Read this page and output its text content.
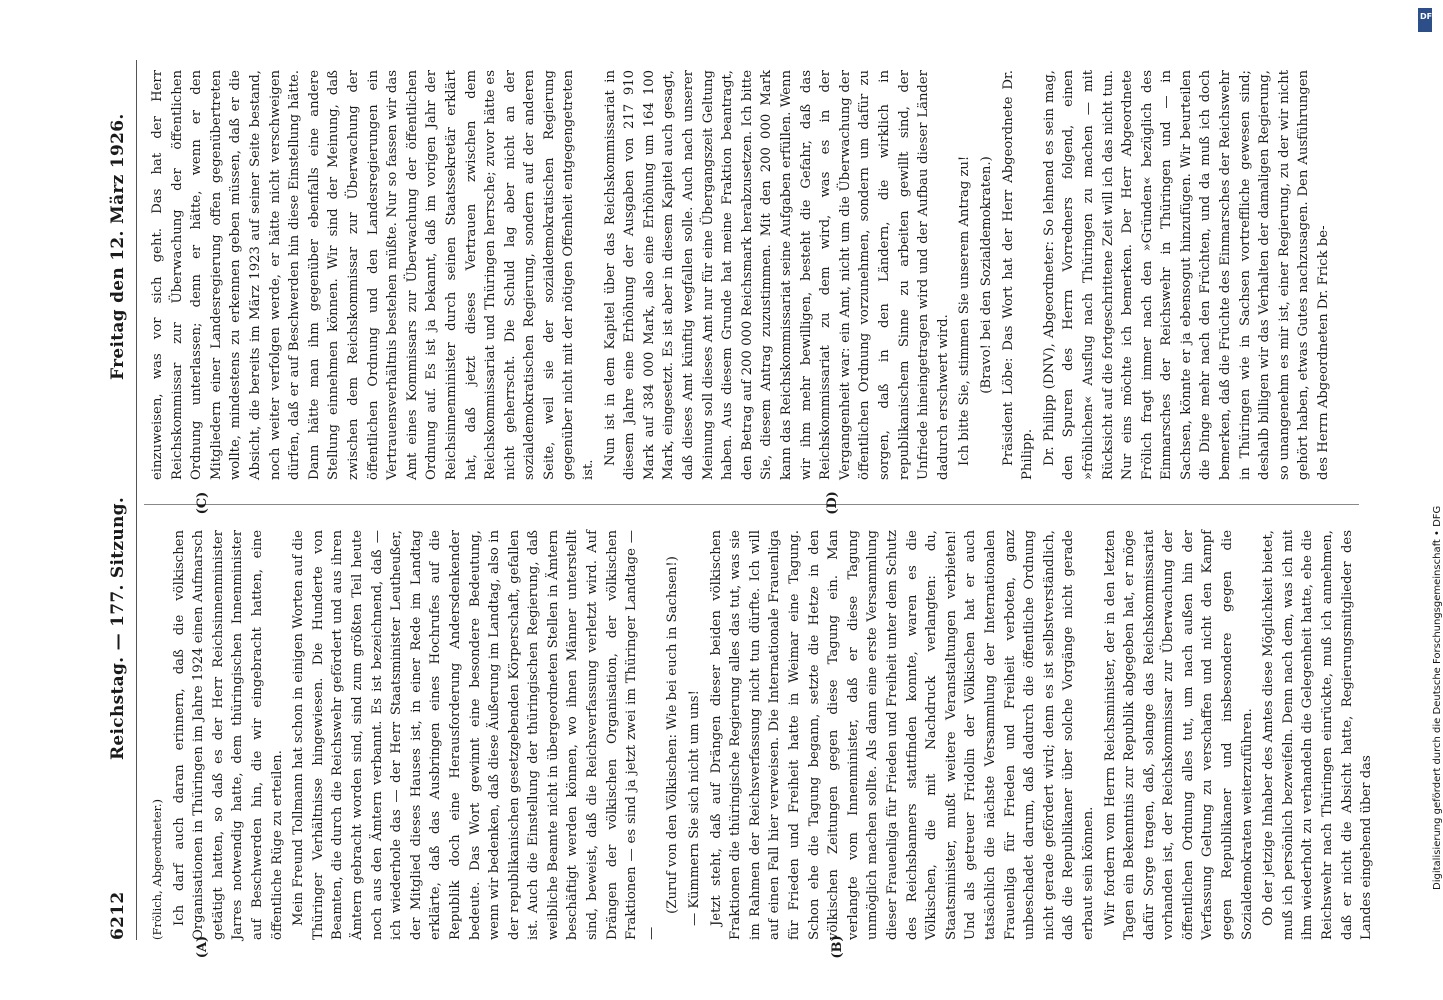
6212
Reichstag. — 177. Sitzung.
Freitag den 12. März 1926.

(Frölich, Abgeordneter.) Ich darf auch daran erinnern, daß die völkischen Organisationen in Thüringen im Jahre 1924 einen Aufmarsch getätigt hatten, so daß es der Herr Reichsinnenminister Jarres notwendig hatte, dem thüringischen Innenminister auf Beschwerden hin, die wir eingebracht hatten, eine öffentliche Rüge zu erteilen. Mein Freund Tollmann hat schon in einigen Worten auf die Thüringer Verhältnisse hingewiesen. Die Hunderte von Beamten, die durch die Reichswehr gefördert und aus ihren Ämtern gebracht worden sind, sind zum größten Teil heute noch aus den Ämtern verbannt. Es ist bezeichnend, daß — ich wiederhole das — der Herr Staatsminister Leutheußer, der Mitglied dieses Hauses ist, in einer Rede im Landtag erklärte, daß das Ausbringen eines Hochrufes auf die Republik doch eine Herausforderung Andersdenkender bedeute. Das Wort gewinnt eine besondere Bedeutung, wenn wir bedenken, daß diese Äußerung im Landtag, also in der republikanischen gesetzgebenden Körperschaft, gefallen ist. Auch die Einstellung der thüringischen Regierung, daß weibliche Beamte nicht in übergeordneten Stellen in Ämtern beschäftigt werden können, wo ihnen Männer unterstellt sind, beweist, daß die Reichsverfassung verletzt wird. Auf Drängen der völkischen Organisation, der völkischen Fraktionen — es sind ja jetzt zwei im Thüringer Landtage — —

(Zuruf von den Völkischen: Wie bei euch in Sachsen!) — Kümmern Sie sich nicht um uns! Jetzt steht, daß auf Drängen dieser beiden völkischen Fraktionen die thüringische Regierung alles das tut, was sie im Rahmen der Reichsverfassung nicht tun dürfte. Ich will auf einen Fall hier verweisen. Die Internationale Frauenliga für Frieden und Freiheit hatte in Weimar eine Tagung. Schon ehe die Tagung begann, setzte die Hetze in den völkischen Zeitungen gegen diese Tagung ein. Man verlangte vom Innenminister, daß er diese Tagung unmöglich machen sollte. Als dann eine erste Versammlung dieser Frauenliga für Frieden und Freiheit unter dem Schutz des Reichsbanners stattfinden konnte, waren es die Völkischen, die mit Nachdruck verlangten: du, Staatsminister, mußt weitere Veranstaltungen verbieten! Und als getreuer Fridolin der Völkischen hat er auch tatsächlich die nächste Versammlung der Internationalen Frauenliga für Frieden und Freiheit verboten, ganz unbeschadet darum, daß dadurch die öffentliche Ordnung nicht gerade gefördert wird; denn es ist selbstverständlich, daß die Republikaner über solche Vorgänge nicht gerade erbaut sein können. Wir fordern vom Herrn Reichsminister, der in den letzten Tagen ein Bekenntnis zur Republik abgegeben hat, er möge dafür Sorge tragen, daß, solange das Reichskommissariat vorhanden ist, der Reichskommissar zur Überwachung der öffentlichen Ordnung alles tut, um nach außen hin der Verfassung Geltung zu verschaffen und nicht den Kampf gegen Republikaner und insbesondere gegen die Sozialdemokraten weiterzuführen. Ob der jetzige Inhaber des Amtes diese Möglichkeit bietet, muß ich persönlich bezweifeln. Denn nach dem, was ich mit ihm wiederholt zu verhandeln die Gelegenheit hatte, ehe die Reichswehr nach Thüringen einrückte, muß ich annehmen, daß er nicht die Absicht hatte, Regierungsmitglieder des Landes eingehend über das

einzuweisen, was vor sich geht. Das hat der Herr Reichskommissar zur Überwachung der öffentlichen Ordnung unterlassen; denn er hätte, wenn er den Mitgliedern einer Landesregierung offen gegenübertreten wollte, mindestens zu erkennen geben müssen, daß er die Absicht, die bereits im März 1923 auf seiner Seite bestand, noch weiter verfolgen werde, er hätte nicht verschweigen dürfen, daß er auf Beschwerden hin diese Einstellung hätte. Dann hätte man ihm gegenüber ebenfalls eine andere Stellung einnehmen können. Wir sind der Meinung, daß zwischen dem Reichskommissar zur Überwachung der öffentlichen Ordnung und den Landesregierungen ein Vertrauensverhältnis bestehen müßte. Nur so fassen wir das Amt eines Kommissars zur Überwachung der öffentlichen Ordnung auf. Es ist ja bekannt, daß im vorigen Jahr der Reichsinnenminister durch seinen Staatssekretär erklärt hat, daß jetzt dieses Vertrauen zwischen dem Reichskommissariat und Thüringen herrsche; zuvor hätte es nicht geherrscht. Die Schuld lag aber nicht an der sozialdemokratischen Regierung, sondern auf der anderen Seite, weil sie der sozialdemokratischen Regierung gegenüber nicht mit der nötigen Offenheit entgegengetreten ist.

Nun ist in dem Kapitel über das Reichskommissariat in diesem Jahre eine Erhöhung der Ausgaben von 217 910 Mark auf 384 000 Mark, also eine Erhöhung um 164 100 Mark, eingesetzt. Es ist aber in diesem Kapitel auch gesagt, daß dieses Amt künftig wegfallen solle. Auch nach unserer Meinung soll dieses Amt nur für eine Übergangszeit Geltung haben. Aus diesem Grunde hat meine Fraktion beantragt, den Betrag auf 200 000 Reichsmark herabzusetzen. Ich bitte Sie, diesem Antrag zuzustimmen. Mit den 200 000 Mark kann das Reichskommissariat seine Aufgaben erfüllen. Wenn wir ihm mehr bewilligen, besteht die Gefahr, daß das Reichskommissariat zu dem wird, was es in der Vergangenheit war: ein Amt, nicht um die Überwachung der öffentlichen Ordnung vorzunehmen, sondern um dafür zu sorgen, daß in den Ländern, die wirklich in republikanischem Sinne zu arbeiten gewillt sind, der Unfriede hineingetragen wird und der Aufbau dieser Länder dadurch erschwert wird. Ich bitte Sie, stimmen Sie unserem Antrag zu! (Bravo! bei den Sozialdemokraten.) Präsident Löbe: Das Wort hat der Herr Abgeordnete Dr. Philipp. Dr. Philipp (DNV), Abgeordneter: So lehnend es sein mag, den Spuren des Herrn Vorredners folgend, einen »fröhlichen« Ausflug nach Thüringen zu machen — mit Rücksicht auf die fortgeschrittene Zeit will ich das nicht tun. Nur eins möchte ich bemerken. Der Herr Abgeordnete Frölich fragt immer nach den »Gründen« bezüglich des Einmarsches der Reichswehr in Thüringen und — in Sachsen, könnte er ja ebensogut hinzufügen. Wir beurteilen die Dinge mehr nach den Früchten, und da muß ich doch bemerken, daß die Früchte des Einmarsches der Reichswehr in Thüringen wie in Sachsen vortreffliche gewesen sind; deshalb billigen wir das Verhalten der damaligen Regierung, so unangenehm es mir ist, einer Regierung, zu der wir nicht gehört haben, etwas Gutes nachzusagen. Den Ausführungen des Herrn Abgeordneten Dr. Frick be-

(A)	(B)
(C)	(D)
DFG
Digitalisierung gefördert durch die Deutsche Forschungsgemeinschaft • DFG
